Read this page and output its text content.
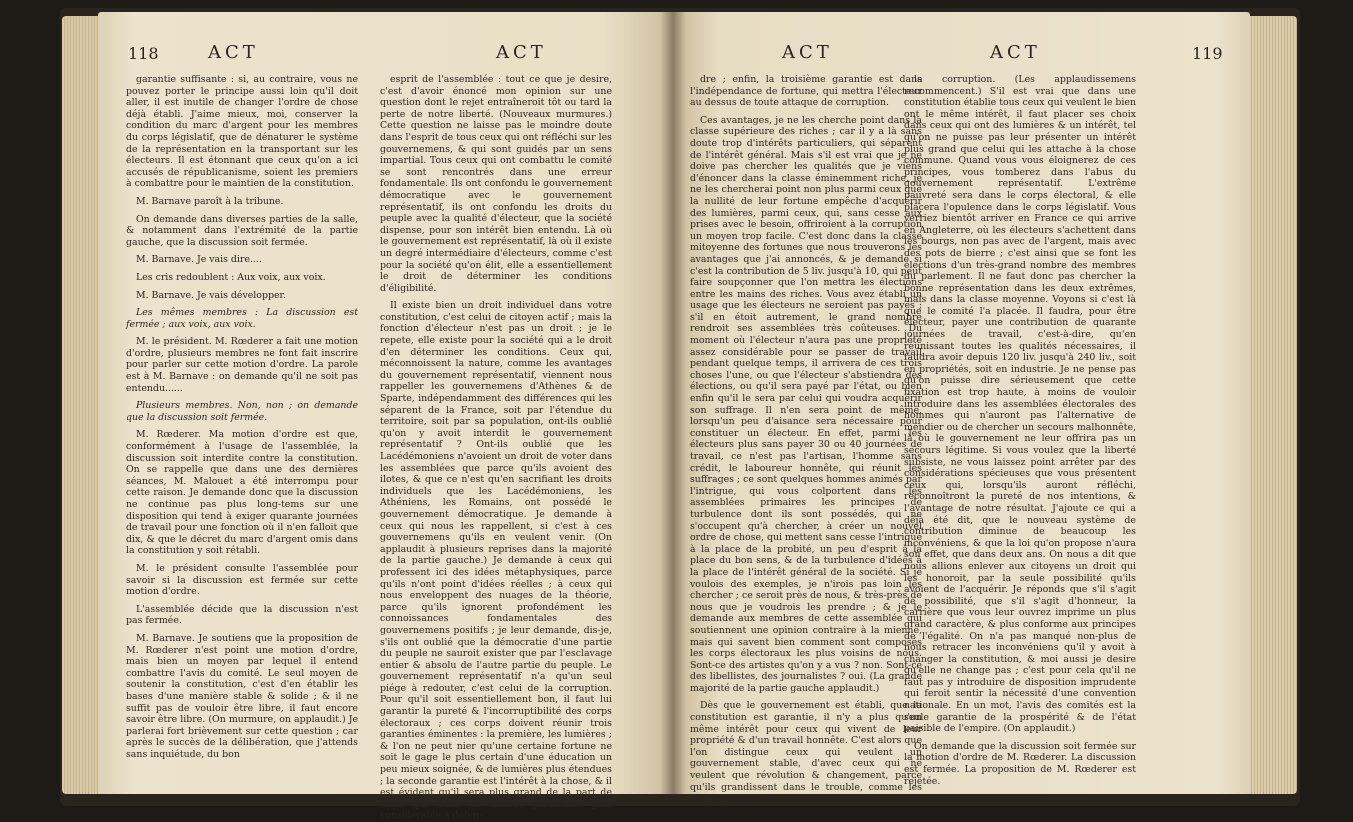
118	ACT	ACT

garantie suffisante : si, au contraire, vous ne pouvez porter le principe aussi loin qu'il doit aller, il est inutile de changer l'ordre de chose déjà établi. J'aime mieux, moi, conserver la condition du marc d'argent pour les membres du corps législatif, que de dénaturer le système de la représentation en la transportant sur les électeurs. Il est étonnant que ceux qu'on a ici accusés de républicanisme, soient les premiers à combattre pour le maintien de la constitution.

M. Barnave paroît à la tribune.

On demande dans diverses parties de la salle, & notamment dans l'extrémité de la partie gauche, que la discussion soit fermée.

M. Barnave. Je vais dire....

Les cris redoublent : Aux voix, aux voix.

M. Barnave. Je vais développer.

Les mêmes membres : La discussion est fermée ; aux voix, aux voix.

M. le président. M. Rœderer a fait une motion d'ordre, plusieurs membres ne font fait inscrire pour parler sur cette motion d'ordre. La parole est à M. Barnave : on demande qu'il ne soit pas entendu......

Plusieurs membres. Non, non ; on demande que la discussion soit fermée.

M. Rœderer. Ma motion d'ordre est que, conformément à l'usage de l'assemblée, la discussion soit interdite contre la constitution. On se rappelle que dans une des dernières séances, M. Malouet a été interrompu pour cette raison. Je demande donc que la discussion ne continue pas plus long-tems sur une disposition qui tend à exiger quarante journées de travail pour une fonction où il n'en falloit que dix, & que le décret du marc d'argent omis dans la constitution y soit rétabli.

M. le président consulte l'assemblée pour savoir si la discussion est fermée sur cette motion d'ordre.

L'assemblée décide que la discussion n'est pas fermée.

M. Barnave. Je soutiens que la proposition de M. Rœderer n'est point une motion d'ordre, mais bien un moyen par lequel il entend combattre l'avis du comité. Le seul moyen de soutenir la constitution, c'est d'en établir les bases d'une manière stable & solide ; & il ne suffit pas de vouloir être libre, il faut encore savoir être libre. (On murmure, on applaudit.) Je parlerai fort brièvement sur cette question ; car après le succès de la délibération, que j'attends sans inquiétude, du bon

esprit de l'assemblée : tout ce que je desire, c'est d'avoir énoncé mon opinion sur une question dont le rejet entraîneroit tôt ou tard la perte de notre liberté. (Nouveaux murmures.) Cette question ne laisse pas le moindre doute dans l'esprit de tous ceux qui ont réfléchi sur les gouvernemens, & qui sont guidés par un sens impartial. Tous ceux qui ont combattu le comité se sont rencontrés dans une erreur fondamentale. Ils ont confondu le gouvernement démocratique avec le gouvernement représentatif, ils ont confondu les droits du peuple avec la qualité d'électeur, que la société dispense, pour son intérêt bien entendu. Là où le gouvernement est représentatif, là où il existe un degré intermédiaire d'électeurs, comme c'est pour la société qu'on élit, elle a essentiellement le droit de déterminer les conditions d'éligibilité.

Il existe bien un droit individuel dans votre constitution, c'est celui de citoyen actif ; mais la fonction d'électeur n'est pas un droit ; je le repete, elle existe pour la société qui a le droit d'en déterminer les conditions. Ceux qui, méconnoissent la nature, comme les avantages du gouvernement représentatif, viennent nous rappeller les gouvernemens d'Athènes & de Sparte, indépendamment des différences qui les séparent de la France, soit par l'étendue du territoire, soit par sa population, ont-ils oublié qu'on y avoit interdit le gouvernement représentatif ? Ont-ils oublié que les Lacédémoniens n'avoient un droit de voter dans les assemblées que parce qu'ils avoient des ilotes, & que ce n'est qu'en sacrifiant les droits individuels que les Lacédémoniens, les Athéniens, les Romains, ont possédé le gouvernement démocratique. Je demande à ceux qui nous les rappellent, si c'est à ces gouvernemens qu'ils en veulent venir. (On applaudit à plusieurs reprises dans la majorité de la partie gauche.) Je demande à ceux qui professent ici des idées métaphysiques, parce qu'ils n'ont point d'idées réelles ; à ceux qui nous enveloppent des nuages de la théorie, parce qu'ils ignorent profondément les connoissances fondamentales des gouvernemens positifs ; je leur demande, dis-je, s'ils ont oublié que la démocratie d'une partie du peuple ne sauroit exister que par l'esclavage entier & absolu de l'autre partie du peuple. Le gouvernement représentatif n'a qu'un seul piége à redouter, c'est celui de la corruption. Pour qu'il soit essentiellement bon, il faut lui garantir la pureté & l'incorruptibilité des corps électoraux ; ces corps doivent réunir trois garanties éminentes : la première, les lumières ; & l'on ne peut nier qu'une certaine fortune ne soit le gage le plus certain d'une éducation un peu mieux soignée, & de lumières plus étendues ; la seconde garantie est l'intérêt à la chose, & il est évident qu'il sera plus grand de la part de celui qui aura un intérêt particulier plus considérable à défen-

ACT	ACT	119

dre ; enfin, la troisième garantie est dans l'indépendance de fortune, qui mettra l'électeur au dessus de toute attaque de corruption.

Ces avantages, je ne les cherche point dans la classe supérieure des riches ; car il y a là sans doute trop d'intérêts particuliers, qui séparent de l'intérêt général. Mais s'il est vrai que je ne doive pas chercher les qualités que je viens d'énoncer dans la classe éminemment riche, je ne les chercherai point non plus parmi ceux que la nullité de leur fortune empêche d'acquérir des lumières, parmi ceux, qui, sans cesse aux prises avec le besoin, offriroient à la corruption un moyen trop facile. C'est donc dans la classe mitoyenne des fortunes que nous trouverons les avantages que j'ai annoncés, & je demande si c'est la contribution de 5 liv. jusqu'à 10, qui peut faire soupçonner que l'on mettra les élections entre les mains des riches. Vous avez établi un usage que les électeurs ne seroient pas payés ; s'il en étoit autrement, le grand nombre rendroit ses assemblées très coûteuses. Du moment où l'électeur n'aura pas une propriété assez considérable pour se passer de travail pendant quelque temps, il arrivera de ces trois choses l'une, ou que l'électeur s'abstiendra des élections, ou qu'il sera payé par l'état, ou bien enfin qu'il le sera par celui qui voudra acquérir son suffrage. Il n'en sera point de même, lorsqu'un peu d'aisance sera nécessaire pour constituer un électeur. En effet, parmi les électeurs plus sans payer 30 ou 40 journées de travail, ce n'est pas l'artisan, l'homme sans crédit, le laboureur honnête, qui réunit les suffrages ; ce sont quelques hommes animés par l'intrigue, qui vous colportent dans les assemblées primaires les principes de turbulence dont ils sont possédés, qui ne s'occupent qu'à chercher, à créer un nouvel ordre de chose, qui mettent sans cesse l'intrigue à la place de la probité, un peu d'esprit à la place du bon sens, & de la turbulence d'idées à la place de l'intérêt général de la société. Si je voulois des exemples, je n'irois pas loin les chercher ; ce seroit près de nous, & très-près de nous que je voudrois les prendre ; & je le demande aux membres de cette assemblée qui soutiennent une opinion contraire à la mienne, mais qui savent bien comment sont composés les corps électoraux les plus voisins de nous. Sont-ce des artistes qu'on y a vus ? non. Sont-ce des libellistes, des journalistes ? oui. (La grande majorité de la partie gauche applaudit.)

Dès que le gouvernement est établi, que la constitution est garantie, il n'y a plus qu'un même intérêt pour ceux qui vivent de leur propriété & d'un travail honnête. C'est alors que l'on distingue ceux qui veulent un gouvernement stable, d'avec ceux qui ne veulent que révolution & changement, parce qu'ils grandissent dans le trouble, comme les insectes dans

la corruption. (Les applaudissemens recommencent.) S'il est vrai que dans une constitution établie tous ceux qui veulent le bien ont le même intérêt, il faut placer ses choix dans ceux qui ont des lumières & un intérêt, tel qu'on ne puisse pas leur présenter un intérêt plus grand que celui qui les attache à la chose commune. Quand vous vous éloignerez de ces principes, vous tomberez dans l'abus du gouvernement représentatif. L'extrême pauvreté sera dans le corps électoral, & elle placera l'opulence dans le corps législatif. Vous verriez bientôt arriver en France ce qui arrive en Angleterre, où les électeurs s'achettent dans les bourgs, non pas avec de l'argent, mais avec des pots de bierre ; c'est ainsi que se font les élections d'un très-grand nombre des membres du parlement. Il ne faut donc pas chercher la bonne représentation dans les deux extrêmes, mais dans la classe moyenne. Voyons si c'est là que le comité l'a placée. Il faudra, pour être électeur, payer une contribution de quarante journées de travail, c'est-à-dire, qu'en réunissant toutes les qualités nécessaires, il faudra avoir depuis 120 liv. jusqu'à 240 liv., soit en propriétés, soit en industrie. Je ne pense pas qu'on puisse dire sérieusement que cette fixation est trop haute, à moins de vouloir introduire dans les assemblées électorales des hommes qui n'auront pas l'alternative de mendier ou de chercher un secours malhonnête, là où le gouvernement ne leur offrira pas un secours légitime. Si vous voulez que la liberté subsiste, ne vous laissez point arrêter par des considérations spécieuses que vous présentent ceux qui, lorsqu'ils auront réfléchi, reconnoîtront la pureté de nos intentions, & l'avantage de notre résultat. J'ajoute ce qui a déjà été dit, que le nouveau système de contribution diminue de beaucoup les inconvéniens, & que la loi qu'on propose n'aura son effet, que dans deux ans. On nous a dit que nous allions enlever aux citoyens un droit qui les honoroit, par la seule possibilité qu'ils avoient de l'acquérir. Je réponds que s'il s'agit de possibilité, que s'il s'agit d'honneur, la carrière que vous leur ouvrez imprime un plus grand caractère, & plus conforme aux principes de l'égalité. On n'a pas manqué non-plus de nous retracer les inconvéniens qu'il y avoit à changer la constitution, & moi aussi je desire qu'elle ne change pas ; c'est pour cela qu'il ne faut pas y introduire de disposition imprudente qui feroit sentir la nécessité d'une convention nationale. En un mot, l'avis des comités est la seule garantie de la prospérité & de l'état paisible de l'empire. (On applaudit.)

On demande que la discussion soit fermée sur la motion d'ordre de M. Rœderer. La discussion est fermée. La proposition de M. Rœderer est rejetée.
